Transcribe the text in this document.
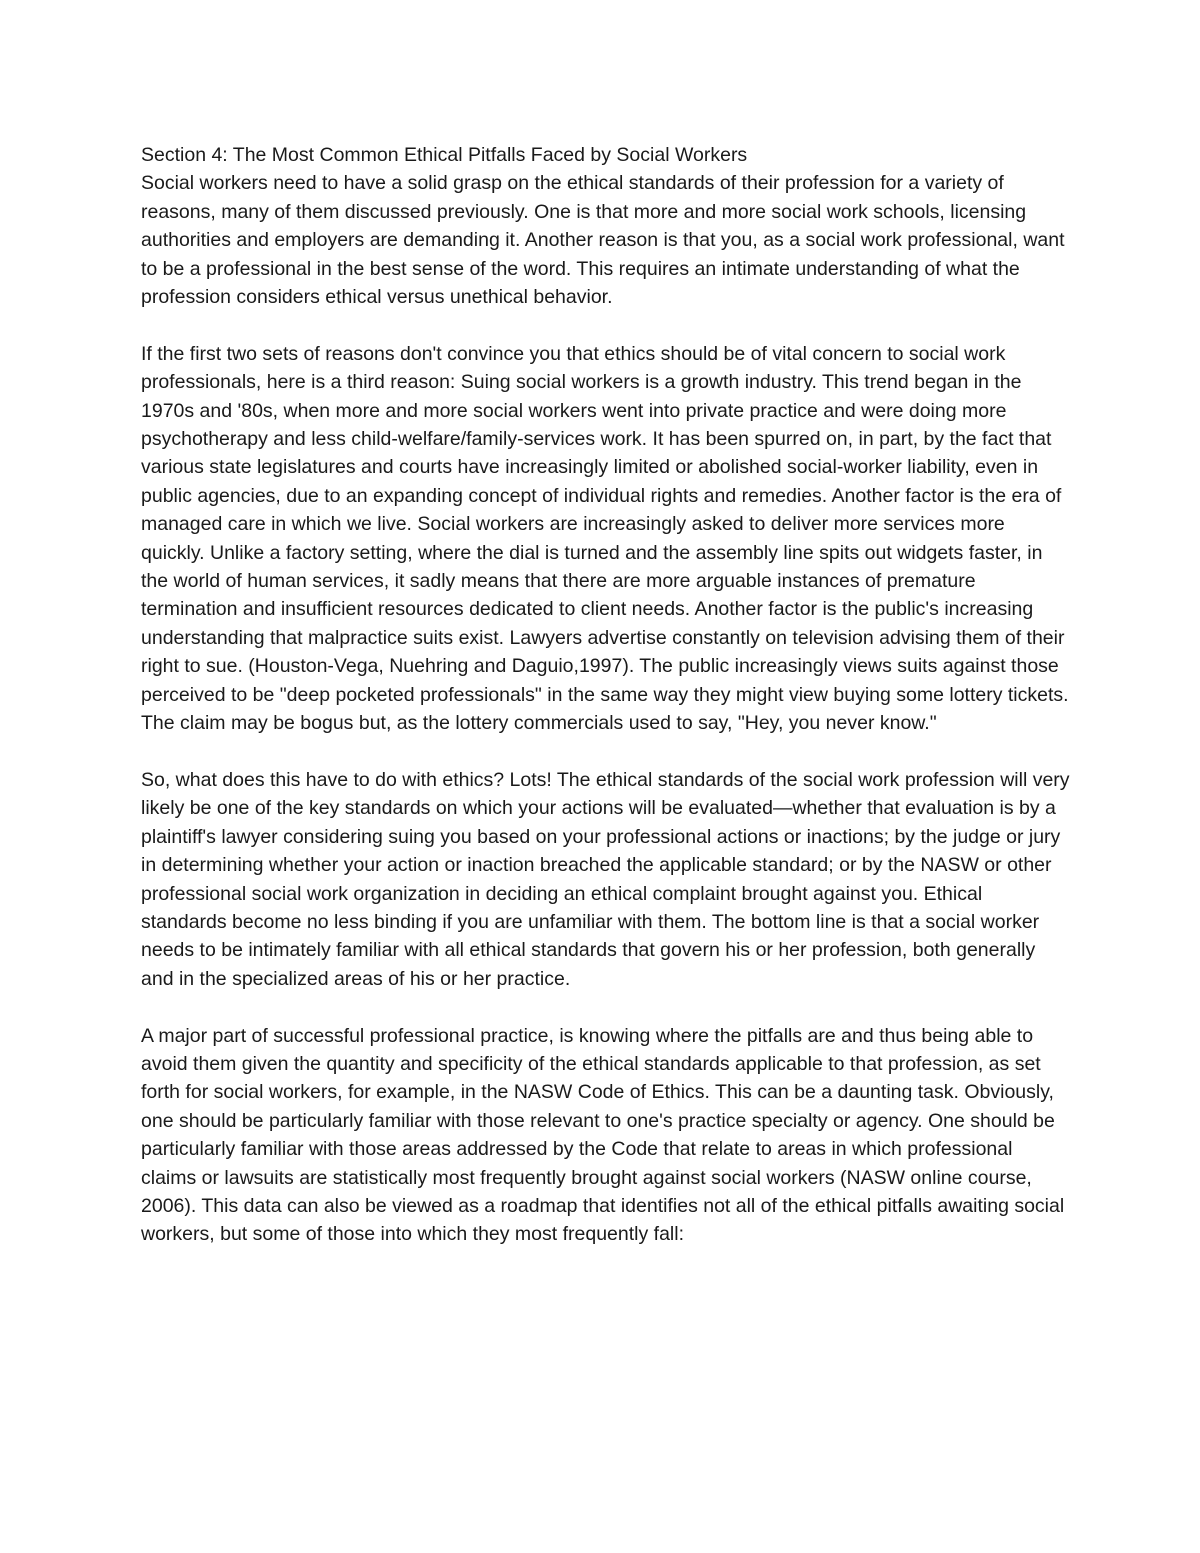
Section 4: The Most Common Ethical Pitfalls Faced by Social Workers

Social workers need to have a solid grasp on the ethical standards of their profession for a variety of reasons, many of them discussed previously. One is that more and more social work schools, licensing authorities and employers are demanding it. Another reason is that you, as a social work professional, want to be a professional in the best sense of the word. This requires an intimate understanding of what the profession considers ethical versus unethical behavior.

If the first two sets of reasons don't convince you that ethics should be of vital concern to social work professionals, here is a third reason: Suing social workers is a growth industry. This trend began in the 1970s and '80s, when more and more social workers went into private practice and were doing more psychotherapy and less child-welfare/family-services work. It has been spurred on, in part, by the fact that various state legislatures and courts have increasingly limited or abolished social-worker liability, even in public agencies, due to an expanding concept of individual rights and remedies. Another factor is the era of managed care in which we live. Social workers are increasingly asked to deliver more services more quickly. Unlike a factory setting, where the dial is turned and the assembly line spits out widgets faster, in the world of human services, it sadly means that there are more arguable instances of premature termination and insufficient resources dedicated to client needs. Another factor is the public's increasing understanding that malpractice suits exist. Lawyers advertise constantly on television advising them of their right to sue. (Houston-Vega, Nuehring and Daguio,1997). The public increasingly views suits against those perceived to be "deep pocketed professionals" in the same way they might view buying some lottery tickets. The claim may be bogus but, as the lottery commercials used to say, "Hey, you never know."

So, what does this have to do with ethics? Lots! The ethical standards of the social work profession will very likely be one of the key standards on which your actions will be evaluated—whether that evaluation is by a plaintiff's lawyer considering suing you based on your professional actions or inactions; by the judge or jury in determining whether your action or inaction breached the applicable standard; or by the NASW or other professional social work organization in deciding an ethical complaint brought against you. Ethical standards become no less binding if you are unfamiliar with them. The bottom line is that a social worker needs to be intimately familiar with all ethical standards that govern his or her profession, both generally and in the specialized areas of his or her practice.

A major part of successful professional practice, is knowing where the pitfalls are and thus being able to avoid them given the quantity and specificity of the ethical standards applicable to that profession, as set forth for social workers, for example, in the NASW Code of Ethics. This can be a daunting task. Obviously, one should be particularly familiar with those relevant to one's practice specialty or agency. One should be particularly familiar with those areas addressed by the Code that relate to areas in which professional claims or lawsuits are statistically most frequently brought against social workers (NASW online course, 2006). This data can also be viewed as a roadmap that identifies not all of the ethical pitfalls awaiting social workers, but some of those into which they most frequently fall:
